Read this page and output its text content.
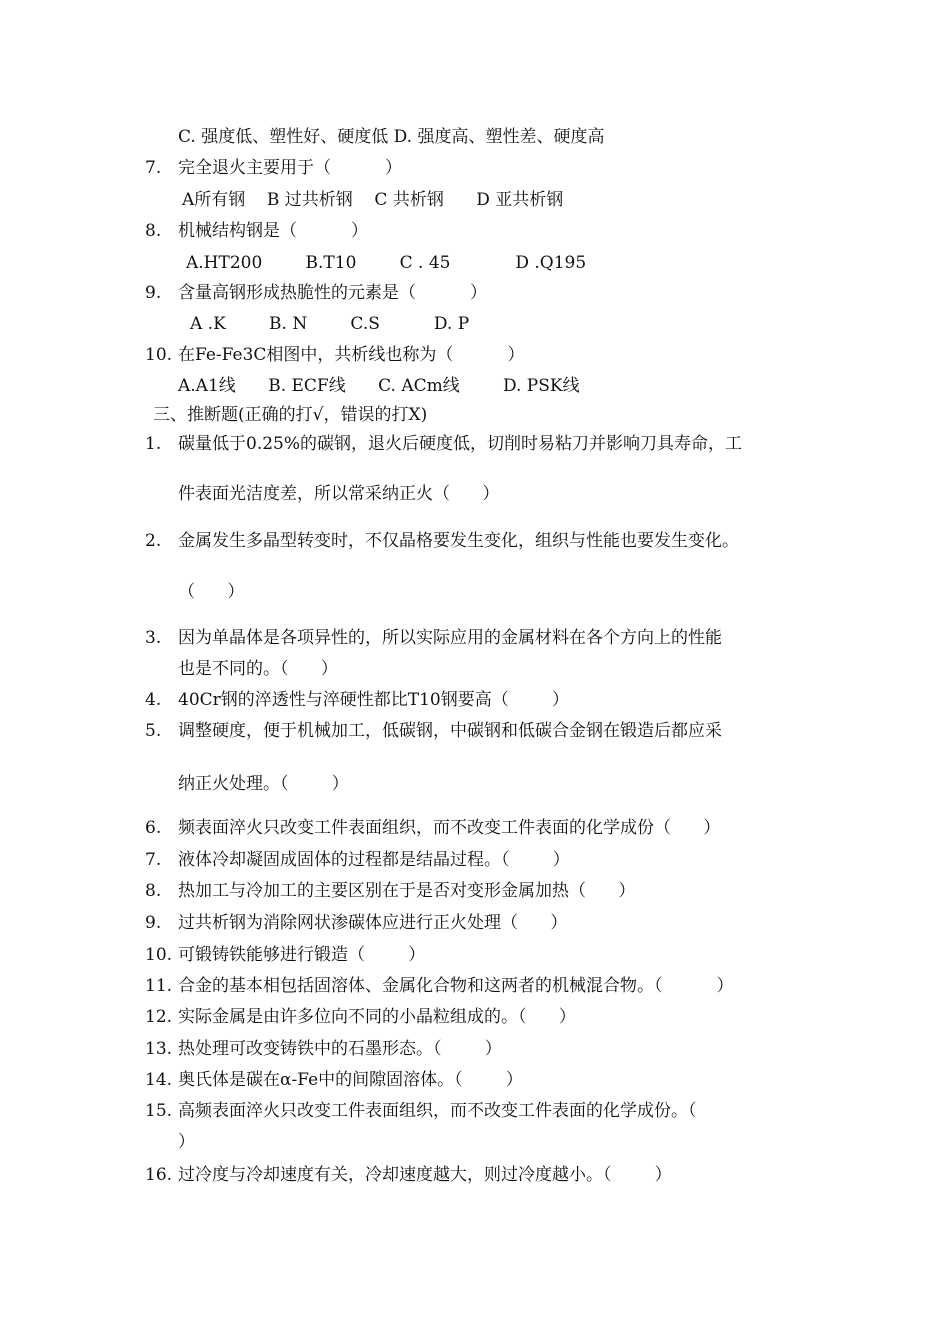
C. 强度低、塑性好、硬度低 D. 强度高、塑性差、硬度高
7. 完全退火主要用于（          ）
A所有钢    B 过共析钢    C 共析钢      D 亚共析钢
8. 机械结构钢是（          ）
A.HT200        B.T10        C . 45            D .Q195
9. 含量高钢形成热脆性的元素是（          ）
A .K        B. N        C.S          D. P
10. 在Fe-Fe3C相图中，共析线也称为（          ）
A.A1线      B. ECF线      C. ACm线        D. PSK线
三、推断题(正确的打√，错误的打X)
1. 碳量低于0.25%的碳钢，退火后硬度低，切削时易粘刀并影响刀具寿命，工
件表面光洁度差，所以常采纳正火（      ）
2. 金属发生多晶型转变时，不仅晶格要发生变化，组织与性能也要发生变化。
（      ）
3. 因为单晶体是各项异性的，所以实际应用的金属材料在各个方向上的性能
也是不同的。（      ）
4. 40Cr钢的淬透性与淬硬性都比T10钢要高（        ）
5. 调整硬度，便于机械加工，低碳钢，中碳钢和低碳合金钢在锻造后都应采
纳正火处理。（        ）
6. 频表面淬火只改变工件表面组织，而不改变工件表面的化学成份（      ）
7. 液体冷却凝固成固体的过程都是结晶过程。（        ）
8. 热加工与冷加工的主要区别在于是否对变形金属加热（      ）
9. 过共析钢为消除网状渗碳体应进行正火处理（      ）
10. 可锻铸铁能够进行锻造（        ）
11. 合金的基本相包括固溶体、金属化合物和这两者的机械混合物。（          ）
12. 实际金属是由许多位向不同的小晶粒组成的。（      ）
13. 热处理可改变铸铁中的石墨形态。（        ）
14. 奥氏体是碳在α-Fe中的间隙固溶体。（        ）
15. 高频表面淬火只改变工件表面组织，而不改变工件表面的化学成份。（
）
16. 过冷度与冷却速度有关，冷却速度越大，则过冷度越小。（        ）
